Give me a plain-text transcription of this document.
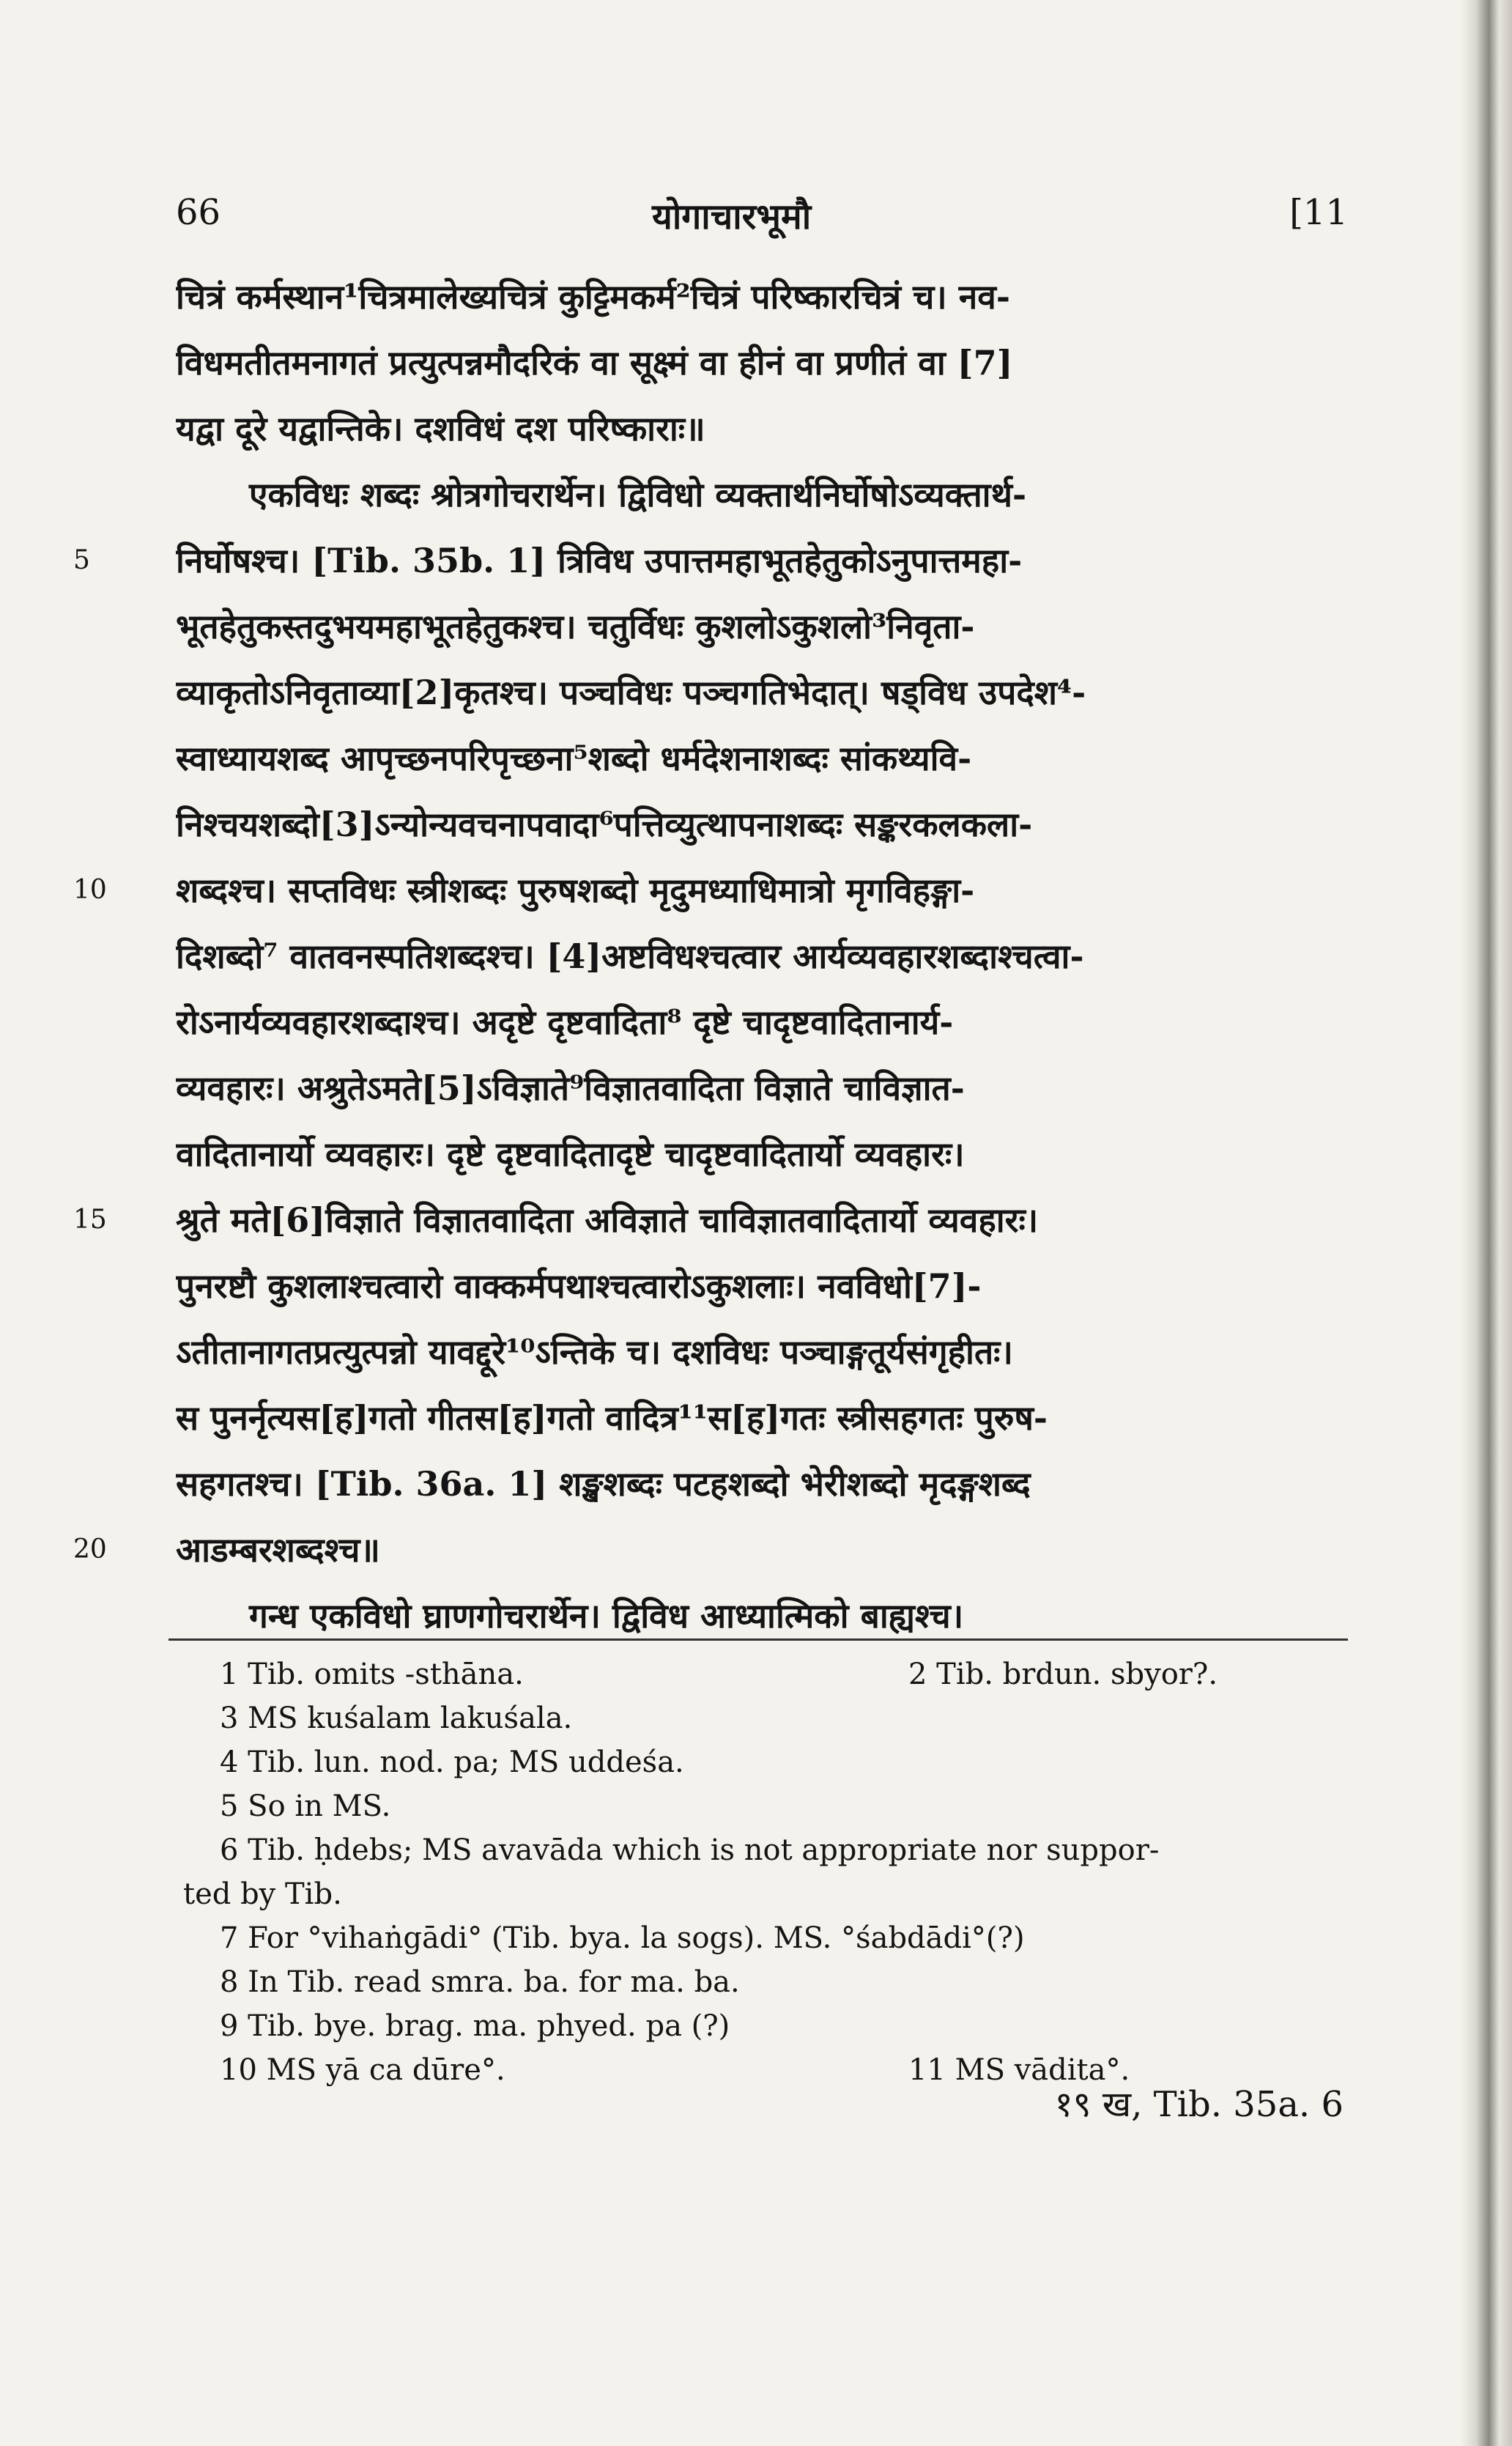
66	योगाचारभूमौ	[11
चित्रं कर्मस्थान¹चित्रमालेख्यचित्रं कुट्टिमकर्म²चित्रं परिष्कारचित्रं च। नव-
विधमतीतमनागतं प्रत्युत्पन्नमौदरिकं वा सूक्ष्मं वा हीनं वा प्रणीतं वा [7]
यद्वा दूरे यद्वान्तिके। दशविधं दश परिष्काराः॥
एकविधः शब्दः श्रोत्रगोचरार्थेन। द्विविधो व्यक्तार्थनिर्घोषोऽव्यक्तार्थ-
निर्घोषश्च। [Tib. 35b. 1] त्रिविध उपात्तमहाभूतहेतुकोऽनुपात्तमहा-
भूतहेतुकस्तदुभयमहाभूतहेतुकश्च। चतुर्विधः कुशलोऽकुशलो³निवृता-
व्याकृतोऽनिवृताव्या[2]कृतश्च। पञ्चविधः पञ्चगतिभेदात्। षड्विध उपदेश⁴-
स्वाध्यायशब्द आपृच्छनपरिपृच्छना⁵शब्दो धर्मदेशनाशब्दः सांकथ्यवि-
निश्चयशब्दो[3]ऽन्योन्यवचनापवादा⁶पत्तिव्युत्थापनाशब्दः सङ्करकलकला-
शब्दश्च। सप्तविधः स्त्रीशब्दः पुरुषशब्दो मृदुमध्याधिमात्रो मृगविहङ्गा-
दिशब्दो⁷ वातवनस्पतिशब्दश्च। [4]अष्टविधश्चत्वार आर्यव्यवहारशब्दाश्चत्वा-
रोऽनार्यव्यवहारशब्दाश्च। अदृष्टे दृष्टवादिता⁸ दृष्टे चादृष्टवादितानार्य-
व्यवहारः। अश्रुतेऽमते[5]ऽविज्ञाते⁹विज्ञातवादिता विज्ञाते चाविज्ञात-
वादितानार्यो व्यवहारः। दृष्टे दृष्टवादितादृष्टे चादृष्टवादितार्यो व्यवहारः।
श्रुते मते[6]विज्ञाते विज्ञातवादिता अविज्ञाते चाविज्ञातवादितार्यो व्यवहारः।
पुनरष्टौ कुशलाश्चत्वारो वाक्कर्मपथाश्चत्वारोऽकुशलाः। नवविधो[7]-
ऽतीतानागतप्रत्युत्पन्नो यावद्दूरे¹⁰ऽन्तिके च। दशविधः पञ्चाङ्गतूर्यसंगृहीतः।
स पुनर्नृत्यस[ह]गतो गीतस[ह]गतो वादित्र¹¹स[ह]गतः स्त्रीसहगतः पुरुष-
सहगतश्च। [Tib. 36a. 1] शङ्खशब्दः पटहशब्दो भेरीशब्दो मृदङ्गशब्द
आडम्बरशब्दश्च॥
गन्ध एकविधो घ्राणगोचरार्थेन। द्विविध आध्यात्मिको बाह्यश्च।
1 Tib. omits -sthāna.	2 Tib. brdun. sbyor?.
3 MS kuśalam lakuśala.
4 Tib. lun. nod. pa; MS uddeśa.
5 So in MS.
6 Tib. ḥdebs; MS avavāda which is not appropriate nor suppor-
ted by Tib.
7 For °vihaṅgādi° (Tib. bya. la sogs). MS. °śabdādi°(?)
8 In Tib. read smra. ba. for ma. ba.
9 Tib. bye. brag. ma. phyed. pa (?)
10 MS yā ca dūre°.	11 MS vādita°.
१९ ख, Tib. 35a. 6
5
10
15
20
